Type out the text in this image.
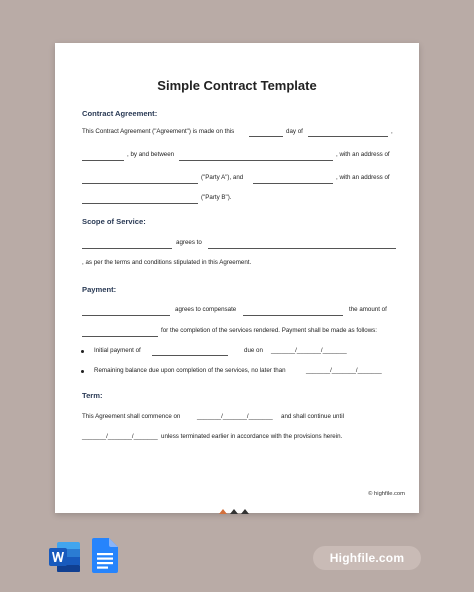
Simple Contract Template
Contract Agreement:
This Contract Agreement ("Agreement") is made on this	day of	,
, by and between	, with an address of
("Party A"), and	, with an address of
("Party B").
Scope of Service:
agrees to
, as per the terms and conditions stipulated in this Agreement.
Payment:
agrees to compensate	the amount of
for the completion of the services rendered. Payment shall be made as follows:
Initial payment of	due on _______/_______/_______
Remaining balance due upon completion of the services, no later than	_______/_______/_______
Term:
This Agreement shall commence on	_______/_______/_______ and shall continue until
_______/_______/_______ unless terminated earlier in accordance with the provisions herein.
© highfile.com
Highfile.com
